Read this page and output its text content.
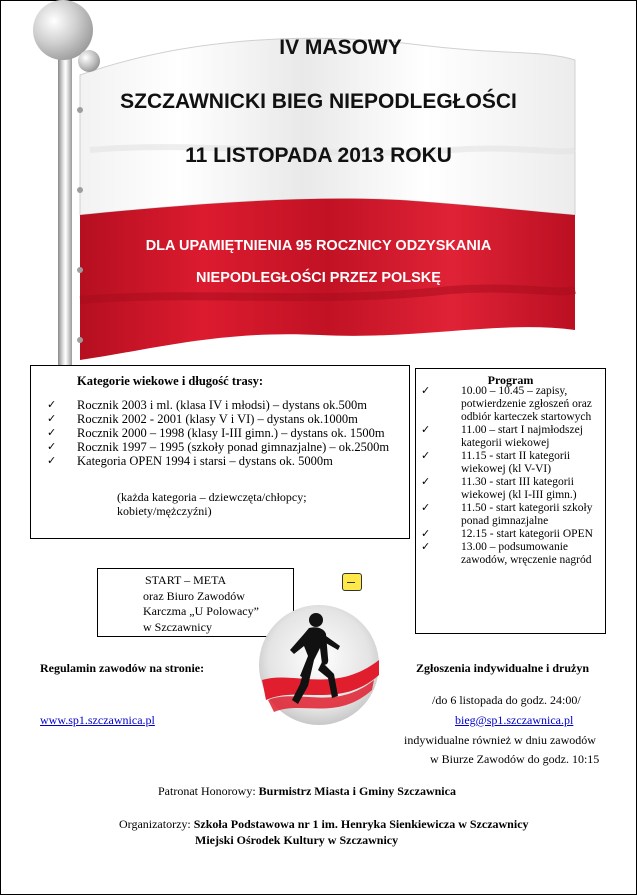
IV MASOWY
SZCZAWNICKI BIEG NIEPODLEGŁOŚCI
11 LISTOPADA 2013 ROKU
DLA UPAMIĘTNIENIA 95 ROCZNICY ODZYSKANIA
NIEPODLEGŁOŚCI PRZEZ POLSKĘ
Kategorie wiekowe i długość trasy:
✓ Rocznik 2003 i ml. (klasa IV i młodsi) – dystans ok.500m
✓ Rocznik 2002 - 2001 (klasy V i VI) – dystans ok.1000m
✓ Rocznik 2000 – 1998 (klasy I-III gimn.) – dystans ok. 1500m
✓ Rocznik 1997 – 1995 (szkoły ponad gimnazjalne) – ok.2500m
✓ Kategoria OPEN 1994 i starsi – dystans ok. 5000m
(każda kategoria – dziewczęta/chłopcy; kobiety/mężczyźni)
Program
✓	10.00 – 10.45 – zapisy, potwierdzenie zgłoszeń oraz odbiór karteczek startowych
✓	11.00 – start I najmłodszej kategorii wiekowej
✓	11.15 - start II kategorii wiekowej (kl V-VI)
✓	11.30 - start III kategorii wiekowej (kl I-III gimn.)
✓	11.50 - start kategorii szkoły ponad gimnazjalne
✓	12.15 - start kategorii OPEN
✓	13.00 – podsumowanie zawodów, wręczenie nagród
START – META
oraz Biuro Zawodów
Karczma „U Polowacy”
w Szczawnicy
Regulamin zawodów na stronie:
www.sp1.szczawnica.pl
Zgłoszenia indywidualne i drużyn
/do 6 listopada do godz. 24:00/
bieg@sp1.szczawnica.pl
indywidualne również w dniu zawodów
w Biurze Zawodów do godz. 10:15
Patronat Honorowy: Burmistrz Miasta i Gminy Szczawnica
Organizatorzy: Szkoła Podstawowa nr 1 im. Henryka Sienkiewicza w Szczawnicy
Miejski Ośrodek Kultury w Szczawnicy
